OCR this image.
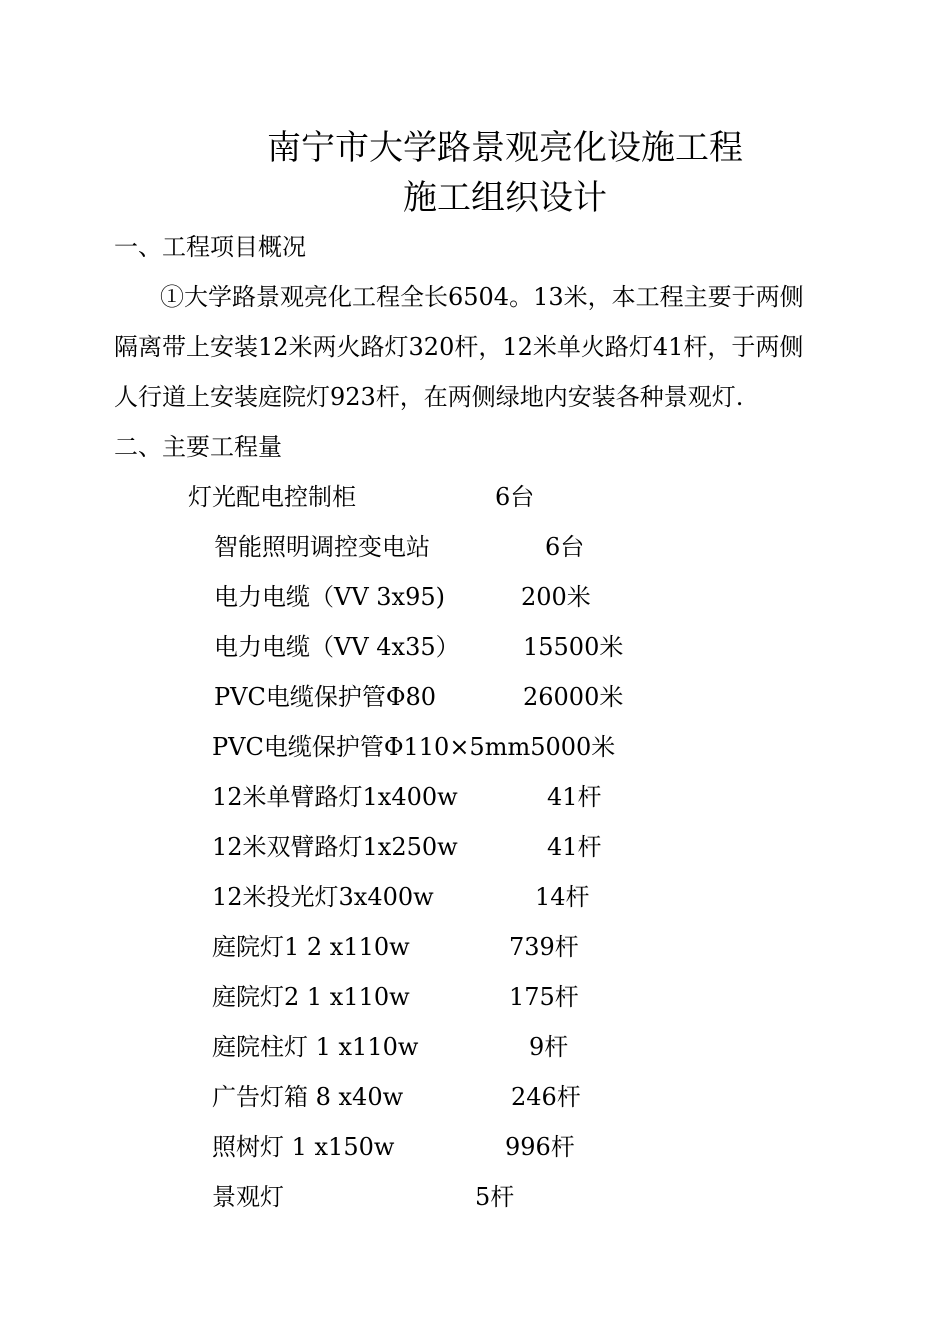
南宁市大学路景观亮化设施工程
施工组织设计
一、工程项目概况
①大学路景观亮化工程全长6504。13米，本工程主要于两侧
隔离带上安装12米两火路灯320杆，12米单火路灯41杆，于两侧
人行道上安装庭院灯923杆，在两侧绿地内安装各种景观灯.
二、主要工程量
灯光配电控制柜	6台
智能照明调控变电站	6台
电力电缆（VV 3x95)	200米
电力电缆（VV 4x35）	15500米
PVC电缆保护管Φ80	26000米
PVC电缆保护管Φ110×5mm5000米
12米单臂路灯1x400w	41杆
12米双臂路灯1x250w	41杆
12米投光灯3x400w	14杆
庭院灯1 2 x110w	739杆
庭院灯2 1 x110w	175杆
庭院柱灯 1 x110w	9杆
广告灯箱 8 x40w	246杆
照树灯 1 x150w	996杆
景观灯	5杆
